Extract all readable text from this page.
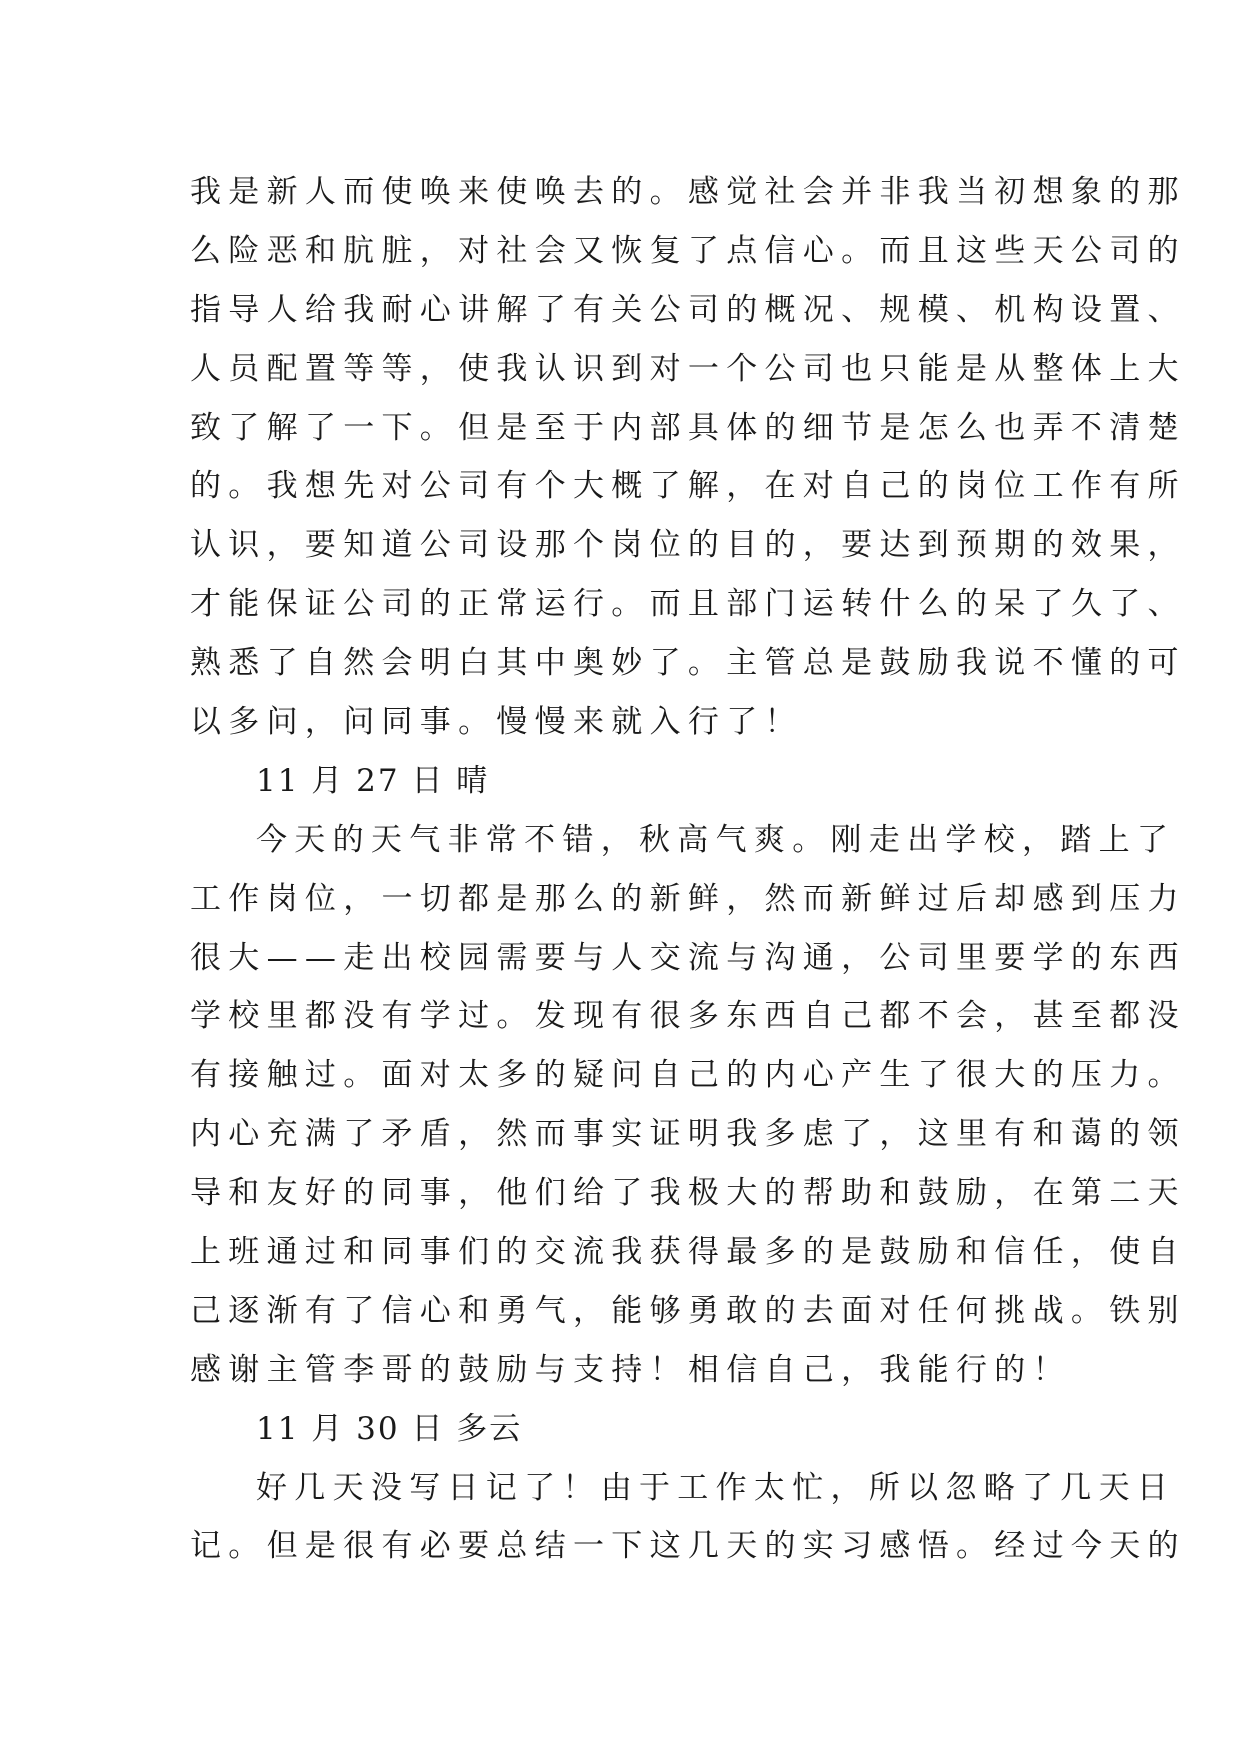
我是新人而使唤来使唤去的。感觉社会并非我当初想象的那
么险恶和肮脏，对社会又恢复了点信心。而且这些天公司的
指导人给我耐心讲解了有关公司的概况、规模、机构设置、
人员配置等等，使我认识到对一个公司也只能是从整体上大
致了解了一下。但是至于内部具体的细节是怎么也弄不清楚
的。我想先对公司有个大概了解，在对自己的岗位工作有所
认识，要知道公司设那个岗位的目的，要达到预期的效果，
才能保证公司的正常运行。而且部门运转什么的呆了久了、
熟悉了自然会明白其中奥妙了。主管总是鼓励我说不懂的可
以多问，问同事。慢慢来就入行了！
11 月 27 日 晴
今天的天气非常不错，秋高气爽。刚走出学校，踏上了
工作岗位，一切都是那么的新鲜，然而新鲜过后却感到压力
很大——走出校园需要与人交流与沟通，公司里要学的东西
学校里都没有学过。发现有很多东西自己都不会，甚至都没
有接触过。面对太多的疑问自己的内心产生了很大的压力。
内心充满了矛盾，然而事实证明我多虑了，这里有和蔼的领
导和友好的同事，他们给了我极大的帮助和鼓励，在第二天
上班通过和同事们的交流我获得最多的是鼓励和信任，使自
己逐渐有了信心和勇气，能够勇敢的去面对任何挑战。铁别
感谢主管李哥的鼓励与支持！相信自己，我能行的！
11 月 30 日 多云
好几天没写日记了！由于工作太忙，所以忽略了几天日
记。但是很有必要总结一下这几天的实习感悟。经过今天的
